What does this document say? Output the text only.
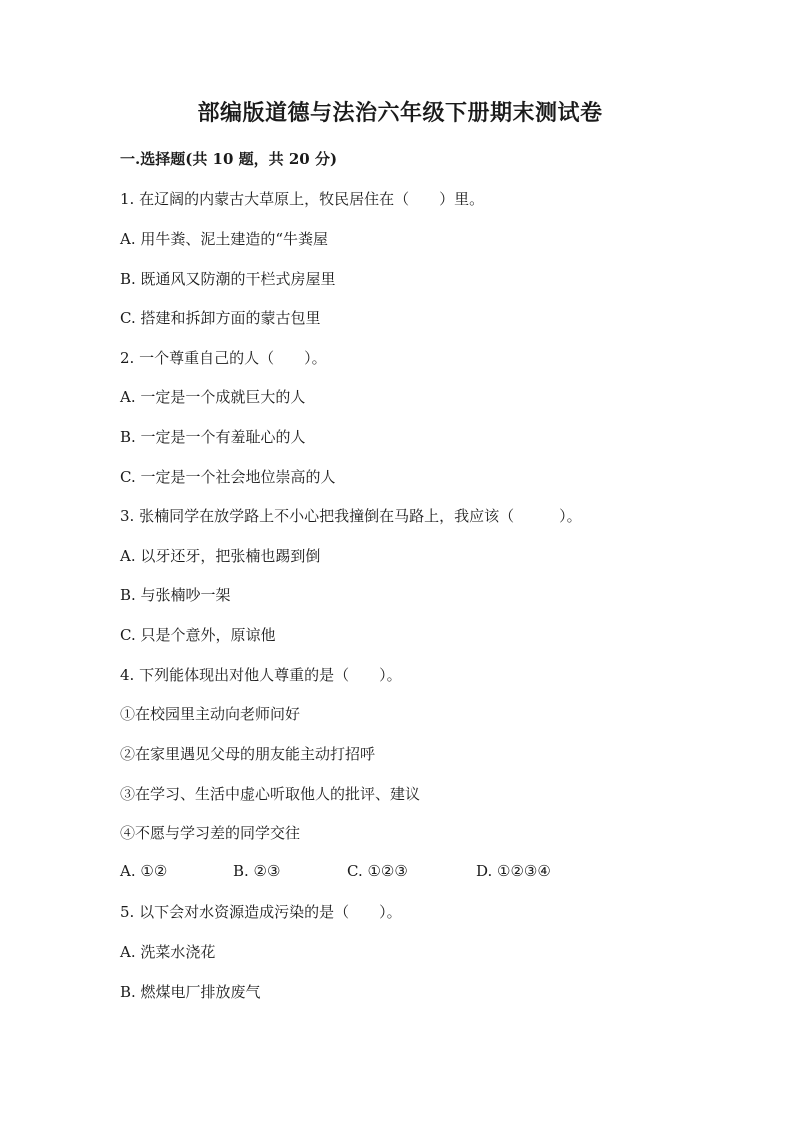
部编版道德与法治六年级下册期末测试卷
一.选择题(共 10 题，共 20 分)
1. 在辽阔的内蒙古大草原上，牧民居住在（　　）里。
A. 用牛粪、泥土建造的“牛粪屋
B. 既通风又防潮的干栏式房屋里
C. 搭建和拆卸方面的蒙古包里
2. 一个尊重自己的人（　　）。
A. 一定是一个成就巨大的人
B. 一定是一个有羞耻心的人
C. 一定是一个社会地位崇高的人
3. 张楠同学在放学路上不小心把我撞倒在马路上，我应该（　　　）。
A. 以牙还牙，把张楠也踢到倒
B. 与张楠吵一架
C. 只是个意外，原谅他
4. 下列能体现出对他人尊重的是（　　）。
①在校园里主动向老师问好
②在家里遇见父母的朋友能主动打招呼
③在学习、生活中虚心听取他人的批评、建议
④不愿与学习差的同学交往
A. ①②	B. ②③	C. ①②③	D. ①②③④
5. 以下会对水资源造成污染的是（　　）。
A. 洗菜水浇花
B. 燃煤电厂排放废气
